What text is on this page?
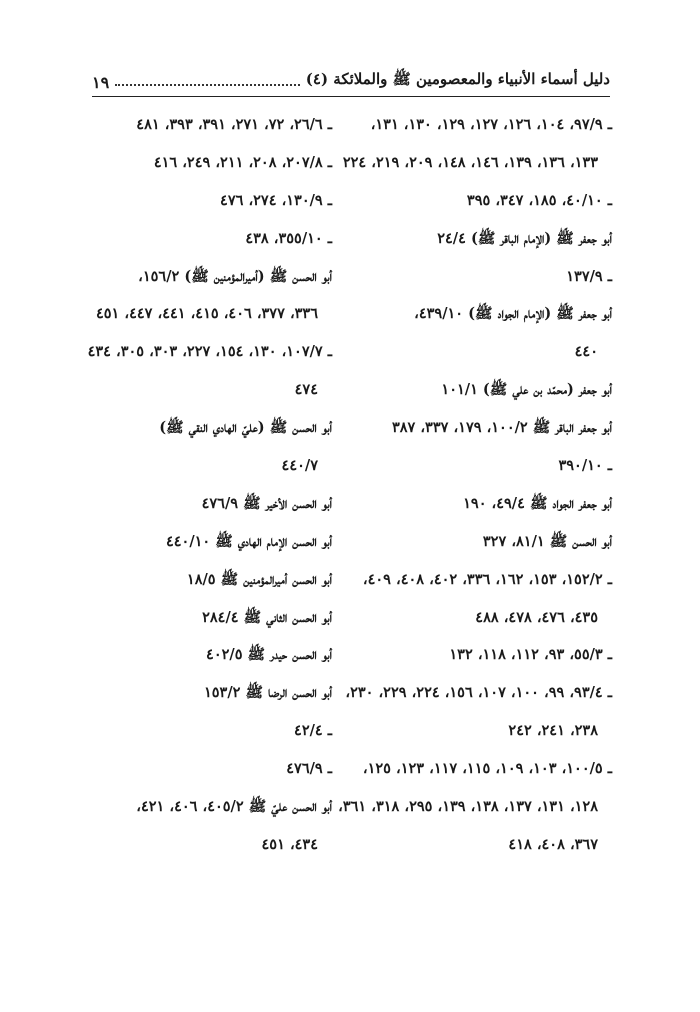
دليل أسماء الأنبياء والمعصومين ﷺ والملائكة (٤)
١٩
ـ ٩٧/٩، ١٠٤، ١٢٦، ١٢٧، ١٢٩، ١٣٠، ١٣١،
١٣٣، ١٣٦، ١٣٩، ١٤٦، ١٤٨، ٢٠٩، ٢١٩، ٢٢٤
ـ ٤٠/١٠، ١٨٥، ٣٤٧، ٣٩٥
أبو جعفر ﷺ (الإمام الباقر ﷺ) ٢٤/٤
ـ ١٣٧/٩
أبو جعفر ﷺ (الإمام الجواد ﷺ) ٤٣٩/١٠،
٤٤٠
أبو جعفر (محمّد بن علي ﷺ) ١٠١/١
أبو جعفر الباقر ﷺ ١٠٠/٢، ١٧٩، ٣٣٧، ٣٨٧
ـ ٣٩٠/١٠
أبو جعفر الجواد ﷺ ٤٩/٤، ١٩٠
أبو الحسن ﷺ ٨١/١، ٣٢٧
ـ ١٥٢/٢، ١٥٣، ١٦٢، ٣٣٦، ٤٠٢، ٤٠٨، ٤٠٩،
٤٣٥، ٤٧٦، ٤٧٨، ٤٨٨
ـ ٥٥/٣، ٩٣، ١١٢، ١١٨، ١٣٢
ـ ٩٣/٤، ٩٩، ١٠٠، ١٠٧، ١٥٦، ٢٢٤، ٢٢٩، ٢٣٠،
٢٣٨، ٢٤١، ٢٤٢
ـ ١٠٠/٥، ١٠٣، ١٠٩، ١١٥، ١١٧، ١٢٣، ١٢٥،
١٢٨، ١٣١، ١٣٧، ١٣٨، ١٣٩، ٢٩٥، ٣١٨، ٣٦١،
٣٦٧، ٤٠٨، ٤١٨
ـ ٢٦/٦، ٧٢، ٢٧١، ٣٩١، ٣٩٣، ٤٨١
ـ ٢٠٧/٨، ٢٠٨، ٢١١، ٢٤٩، ٤١٦
ـ ١٣٠/٩، ٢٧٤، ٤٧٦
ـ ٣٥٥/١٠، ٤٣٨
أبو الحسن ﷺ (أميرالمؤمنين ﷺ) ١٥٦/٢،
٣٣٦، ٣٧٧، ٤٠٦، ٤١٥، ٤٤١، ٤٤٧، ٤٥١
ـ ١٠٧/٧، ١٣٠، ١٥٤، ٢٢٧، ٣٠٣، ٣٠٥، ٤٣٤
٤٧٤
أبو الحسن ﷺ (عليّ الهادي النقي ﷺ)
٤٤٠/٧
أبو الحسن الأخير ﷺ ٤٧٦/٩
أبو الحسن الإمام الهادي ﷺ ٤٤٠/١٠
أبو الحسن أميرالمؤمنين ﷺ ١٨/٥
أبو الحسن الثاني ﷺ ٢٨٤/٤
أبو الحسن حيدر ﷺ ٤٠٢/٥
أبو الحسن الرضا ﷺ ١٥٣/٢
ـ ٤٢/٤
ـ ٤٧٦/٩
أبو الحسن عليّ ﷺ ٤٠٥/٢، ٤٠٦، ٤٢١،
٤٣٤، ٤٥١
